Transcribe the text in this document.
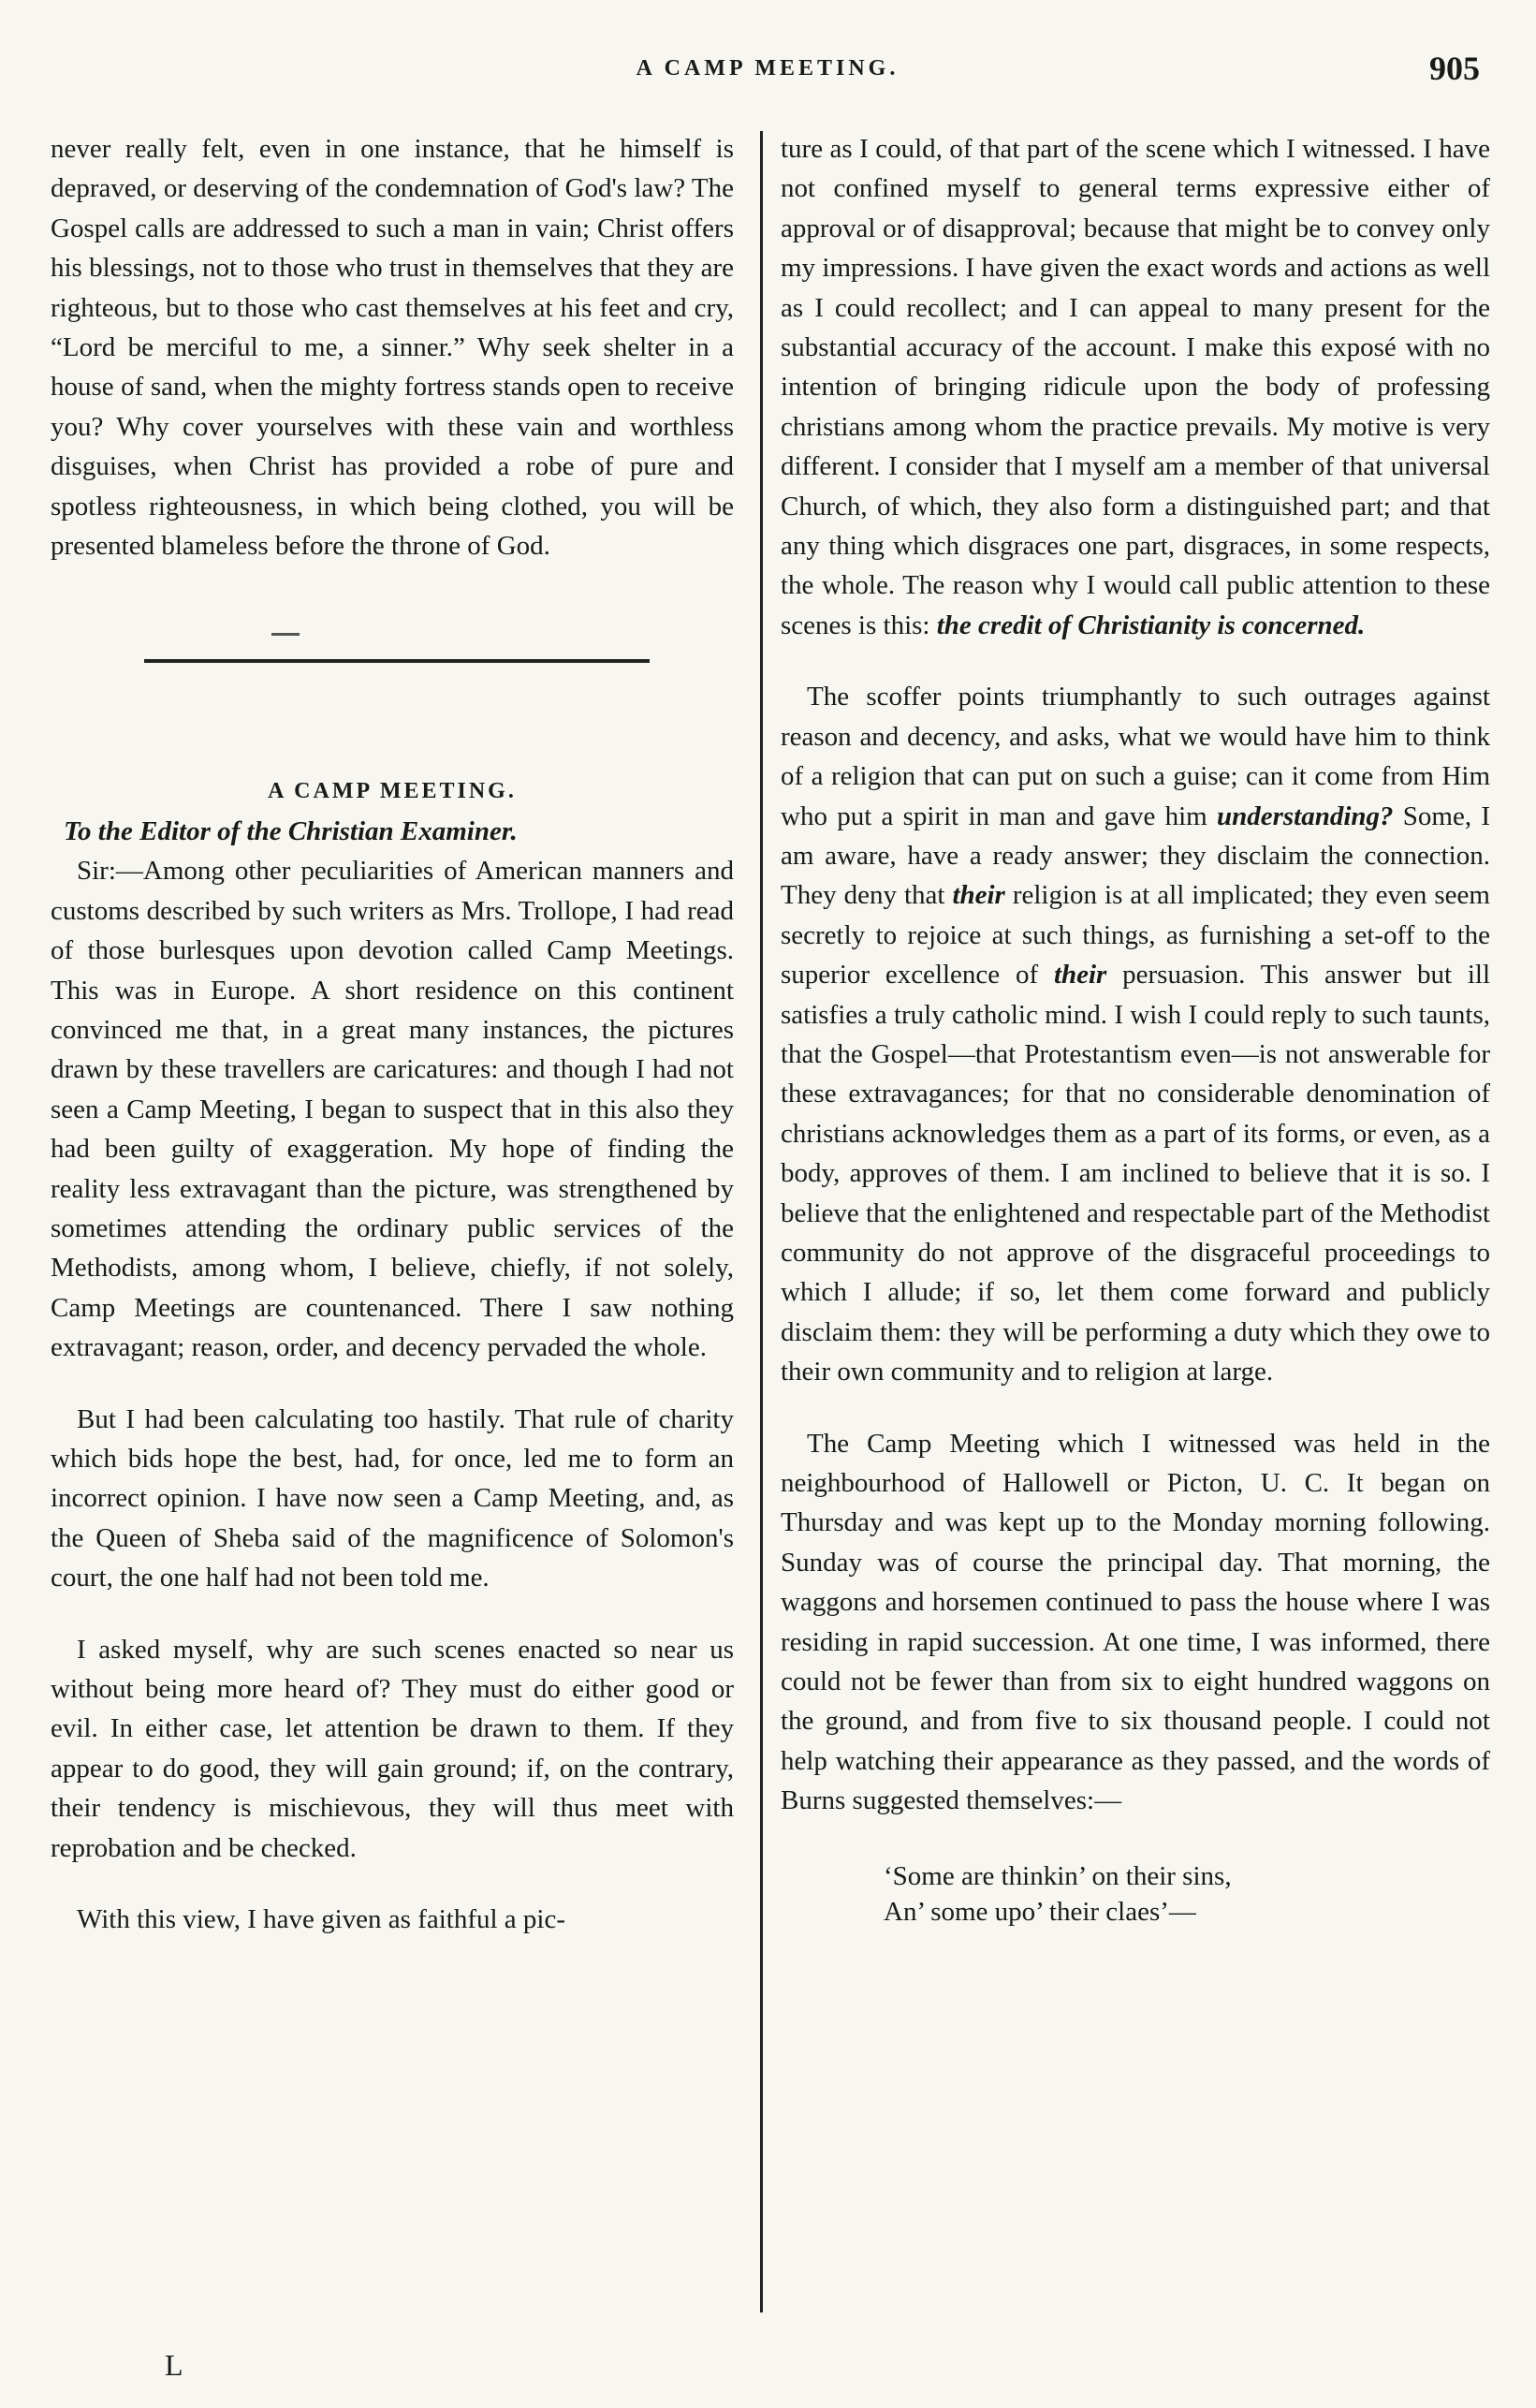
A CAMP MEETING.	905

never really felt, even in one instance, that he himself is depraved, or deserving of the condemnation of God's law? The Gospel calls are addressed to such a man in vain; Christ offers his blessings, not to those who trust in themselves that they are righteous, but to those who cast themselves at his feet and cry, “Lord be merciful to me, a sinner.” Why seek shelter in a house of sand, when the mighty fortress stands open to receive you? Why cover yourselves with these vain and worthless disguises, when Christ has provided a robe of pure and spotless righteousness, in which being clothed, you will be presented blameless before the throne of God.

A CAMP MEETING.

To the Editor of the Christian Examiner.

Sir:—Among other peculiarities of American manners and customs described by such writers as Mrs. Trollope, I had read of those burlesques upon devotion called Camp Meetings. This was in Europe. A short residence on this continent convinced me that, in a great many instances, the pictures drawn by these travellers are caricatures: and though I had not seen a Camp Meeting, I began to suspect that in this also they had been guilty of exaggeration. My hope of finding the reality less extravagant than the picture, was strengthened by sometimes attending the ordinary public services of the Methodists, among whom, I believe, chiefly, if not solely, Camp Meetings are countenanced. There I saw nothing extravagant; reason, order, and decency pervaded the whole.

But I had been calculating too hastily. That rule of charity which bids hope the best, had, for once, led me to form an incorrect opinion. I have now seen a Camp Meeting, and, as the Queen of Sheba said of the magnificence of Solomon's court, the one half had not been told me.

I asked myself, why are such scenes enacted so near us without being more heard of? They must do either good or evil. In either case, let attention be drawn to them. If they appear to do good, they will gain ground; if, on the contrary, their tendency is mischievous, they will thus meet with reprobation and be checked.

With this view, I have given as faithful a pic-

L

ture as I could, of that part of the scene which I witnessed. I have not confined myself to general terms expressive either of approval or of disapproval; because that might be to convey only my impressions. I have given the exact words and actions as well as I could recollect; and I can appeal to many present for the substantial accuracy of the account. I make this exposé with no intention of bringing ridicule upon the body of professing christians among whom the practice prevails. My motive is very different. I consider that I myself am a member of that universal Church, of which, they also form a distinguished part; and that any thing which disgraces one part, disgraces, in some respects, the whole. The reason why I would call public attention to these scenes is this: the credit of Christianity is concerned.

The scoffer points triumphantly to such outrages against reason and decency, and asks, what we would have him to think of a religion that can put on such a guise; can it come from Him who put a spirit in man and gave him understanding? Some, I am aware, have a ready answer; they disclaim the connection. They deny that their religion is at all implicated; they even seem secretly to rejoice at such things, as furnishing a set-off to the superior excellence of their persuasion. This answer but ill satisfies a truly catholic mind. I wish I could reply to such taunts, that the Gospel—that Protestantism even—is not answerable for these extravagances; for that no considerable denomination of christians acknowledges them as a part of its forms, or even, as a body, approves of them. I am inclined to believe that it is so. I believe that the enlightened and respectable part of the Methodist community do not approve of the disgraceful proceedings to which I allude; if so, let them come forward and publicly disclaim them: they will be performing a duty which they owe to their own community and to religion at large.

The Camp Meeting which I witnessed was held in the neighbourhood of Hallowell or Picton, U. C. It began on Thursday and was kept up to the Monday morning following. Sunday was of course the principal day. That morning, the waggons and horsemen continued to pass the house where I was residing in rapid succession. At one time, I was informed, there could not be fewer than from six to eight hundred waggons on the ground, and from five to six thousand people. I could not help watching their appearance as they passed, and the words of Burns suggested themselves:—

‘Some are thinkin’ on their sins,
An’ some upo’ their claes’—
